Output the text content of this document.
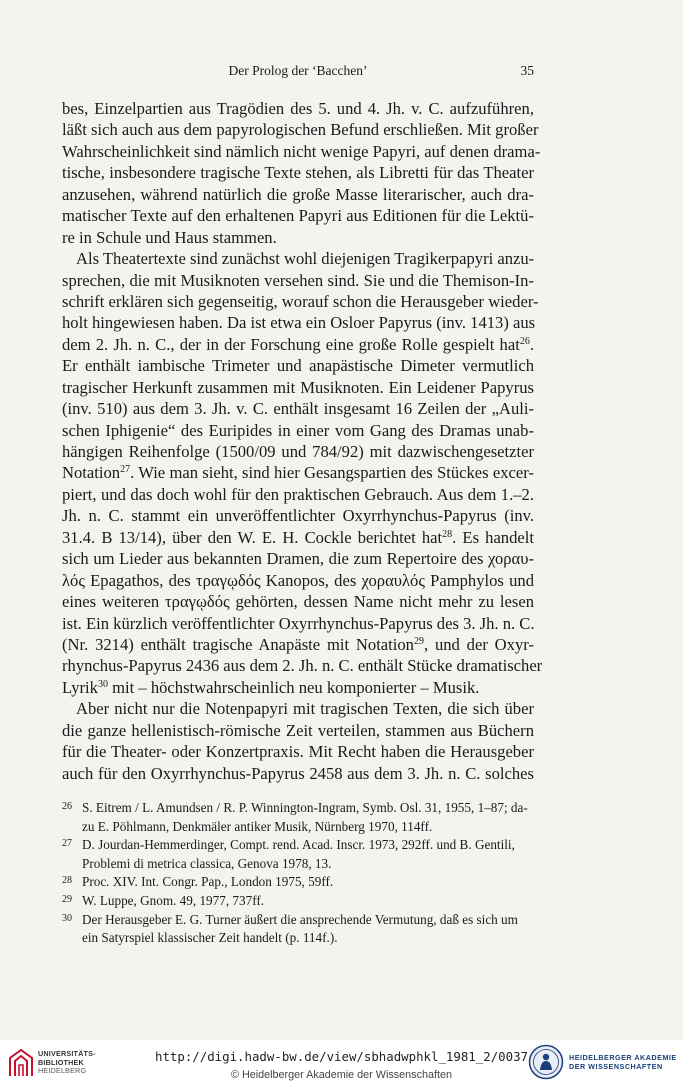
Der Prolog der ‘Bacchen’	35
bes, Einzelpartien aus Tragödien des 5. und 4. Jh. v. C. aufzuführen,
läßt sich auch aus dem papyrologischen Befund erschließen. Mit großer
Wahrscheinlichkeit sind nämlich nicht wenige Papyri, auf denen drama-
tische, insbesondere tragische Texte stehen, als Libretti für das Theater
anzusehen, während natürlich die große Masse literarischer, auch dra-
matischer Texte auf den erhaltenen Papyri aus Editionen für die Lektü-
re in Schule und Haus stammen.
Als Theatertexte sind zunächst wohl diejenigen Tragikerpapyri anzu-
sprechen, die mit Musiknoten versehen sind. Sie und die Themison-In-
schrift erklären sich gegenseitig, worauf schon die Herausgeber wieder-
holt hingewiesen haben. Da ist etwa ein Osloer Papyrus (inv. 1413) aus
dem 2. Jh. n. C., der in der Forschung eine große Rolle gespielt hat$^{26}$.
Er enthält iambische Trimeter und anapästische Dimeter vermutlich
tragischer Herkunft zusammen mit Musiknoten. Ein Leidener Papyrus
(inv. 510) aus dem 3. Jh. v. C. enthält insgesamt 16 Zeilen der „Auli-
schen Iphigenie“ des Euripides in einer vom Gang des Dramas unab-
hängigen Reihenfolge (1500/09 und 784/92) mit dazwischengesetzter
Notation$^{27}$. Wie man sieht, sind hier Gesangspartien des Stückes excer-
piert, und das doch wohl für den praktischen Gebrauch. Aus dem 1.–2.
Jh. n. C. stammt ein unveröffentlichter Oxyrrhynchus-Papyrus (inv.
31.4. B 13/14), über den W. E. H. Cockle berichtet hat$^{28}$. Es handelt
sich um Lieder aus bekannten Dramen, die zum Repertoire des χοραυ-
λός Epagathos, des τραγῳδός Kanopos, des χοραυλός Pamphylos und
eines weiteren τραγῳδός gehörten, dessen Name nicht mehr zu lesen
ist. Ein kürzlich veröffentlichter Oxyrrhynchus-Papyrus des 3. Jh. n. C.
(Nr. 3214) enthält tragische Anapäste mit Notation$^{29}$, und der Oxyr-
rhynchus-Papyrus 2436 aus dem 2. Jh. n. C. enthält Stücke dramatischer
Lyrik$^{30}$ mit – höchstwahrscheinlich neu komponierter – Musik.
Aber nicht nur die Notenpapyri mit tragischen Texten, die sich über
die ganze hellenistisch-römische Zeit verteilen, stammen aus Büchern
für die Theater- oder Konzertpraxis. Mit Recht haben die Herausgeber
auch für den Oxyrrhynchus-Papyrus 2458 aus dem 3. Jh. n. C. solches
26 S. Eitrem / L. Amundsen / R. P. Winnington-Ingram, Symb. Osl. 31, 1955, 1–87; da-
zu E. Pöhlmann, Denkmäler antiker Musik, Nürnberg 1970, 114ff.
27 D. Jourdan-Hemmerdinger, Compt. rend. Acad. Inscr. 1973, 292ff. und B. Gentili,
Problemi di metrica classica, Genova 1978, 13.
28 Proc. XIV. Int. Congr. Pap., London 1975, 59ff.
29 W. Luppe, Gnom. 49, 1977, 737ff.
30 Der Herausgeber E. G. Turner äußert die ansprechende Vermutung, daß es sich um
ein Satyrspiel klassischer Zeit handelt (p. 114f.).
UNIVERSITÄTS-
BIBLIOTHEK
HEIDELBERG
http://digi.hadw-bw.de/view/sbhadwphkl_1981_2/0037
© Heidelberger Akademie der Wissenschaften
HEIDELBERGER AKADEMIE
DER WISSENSCHAFTEN
